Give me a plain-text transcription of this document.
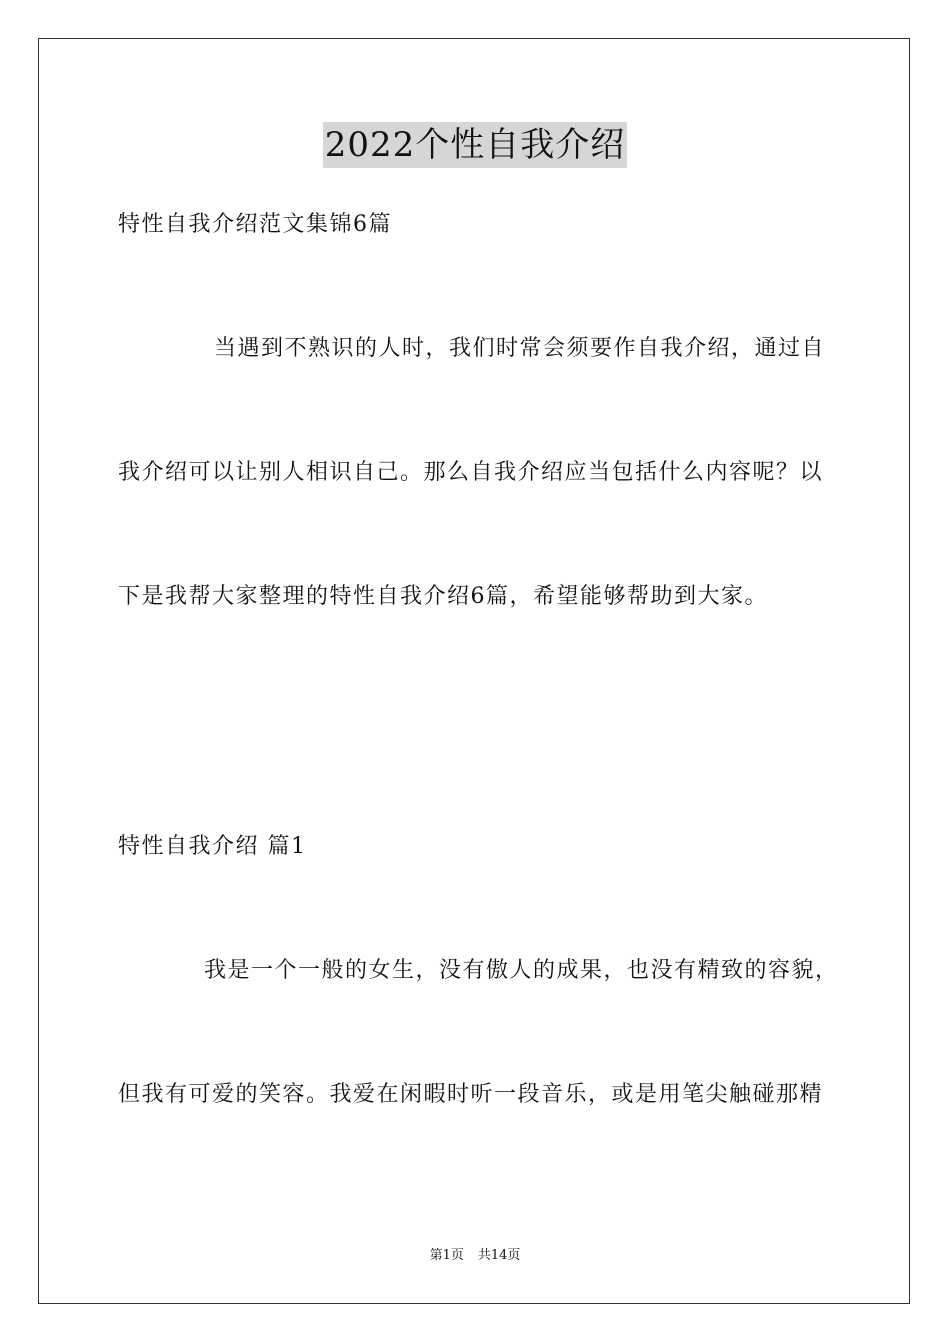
2022个性自我介绍
特性自我介绍范文集锦6篇
当遇到不熟识的人时，我们时常会须要作自我介绍，通过自
我介绍可以让别人相识自己。那么自我介绍应当包括什么内容呢？以
下是我帮大家整理的特性自我介绍6篇，希望能够帮助到大家。
特性自我介绍 篇1
我是一个一般的女生，没有傲人的成果，也没有精致的容貌，
但我有可爱的笑容。我爱在闲暇时听一段音乐，或是用笔尖触碰那精
第1页 共14页
